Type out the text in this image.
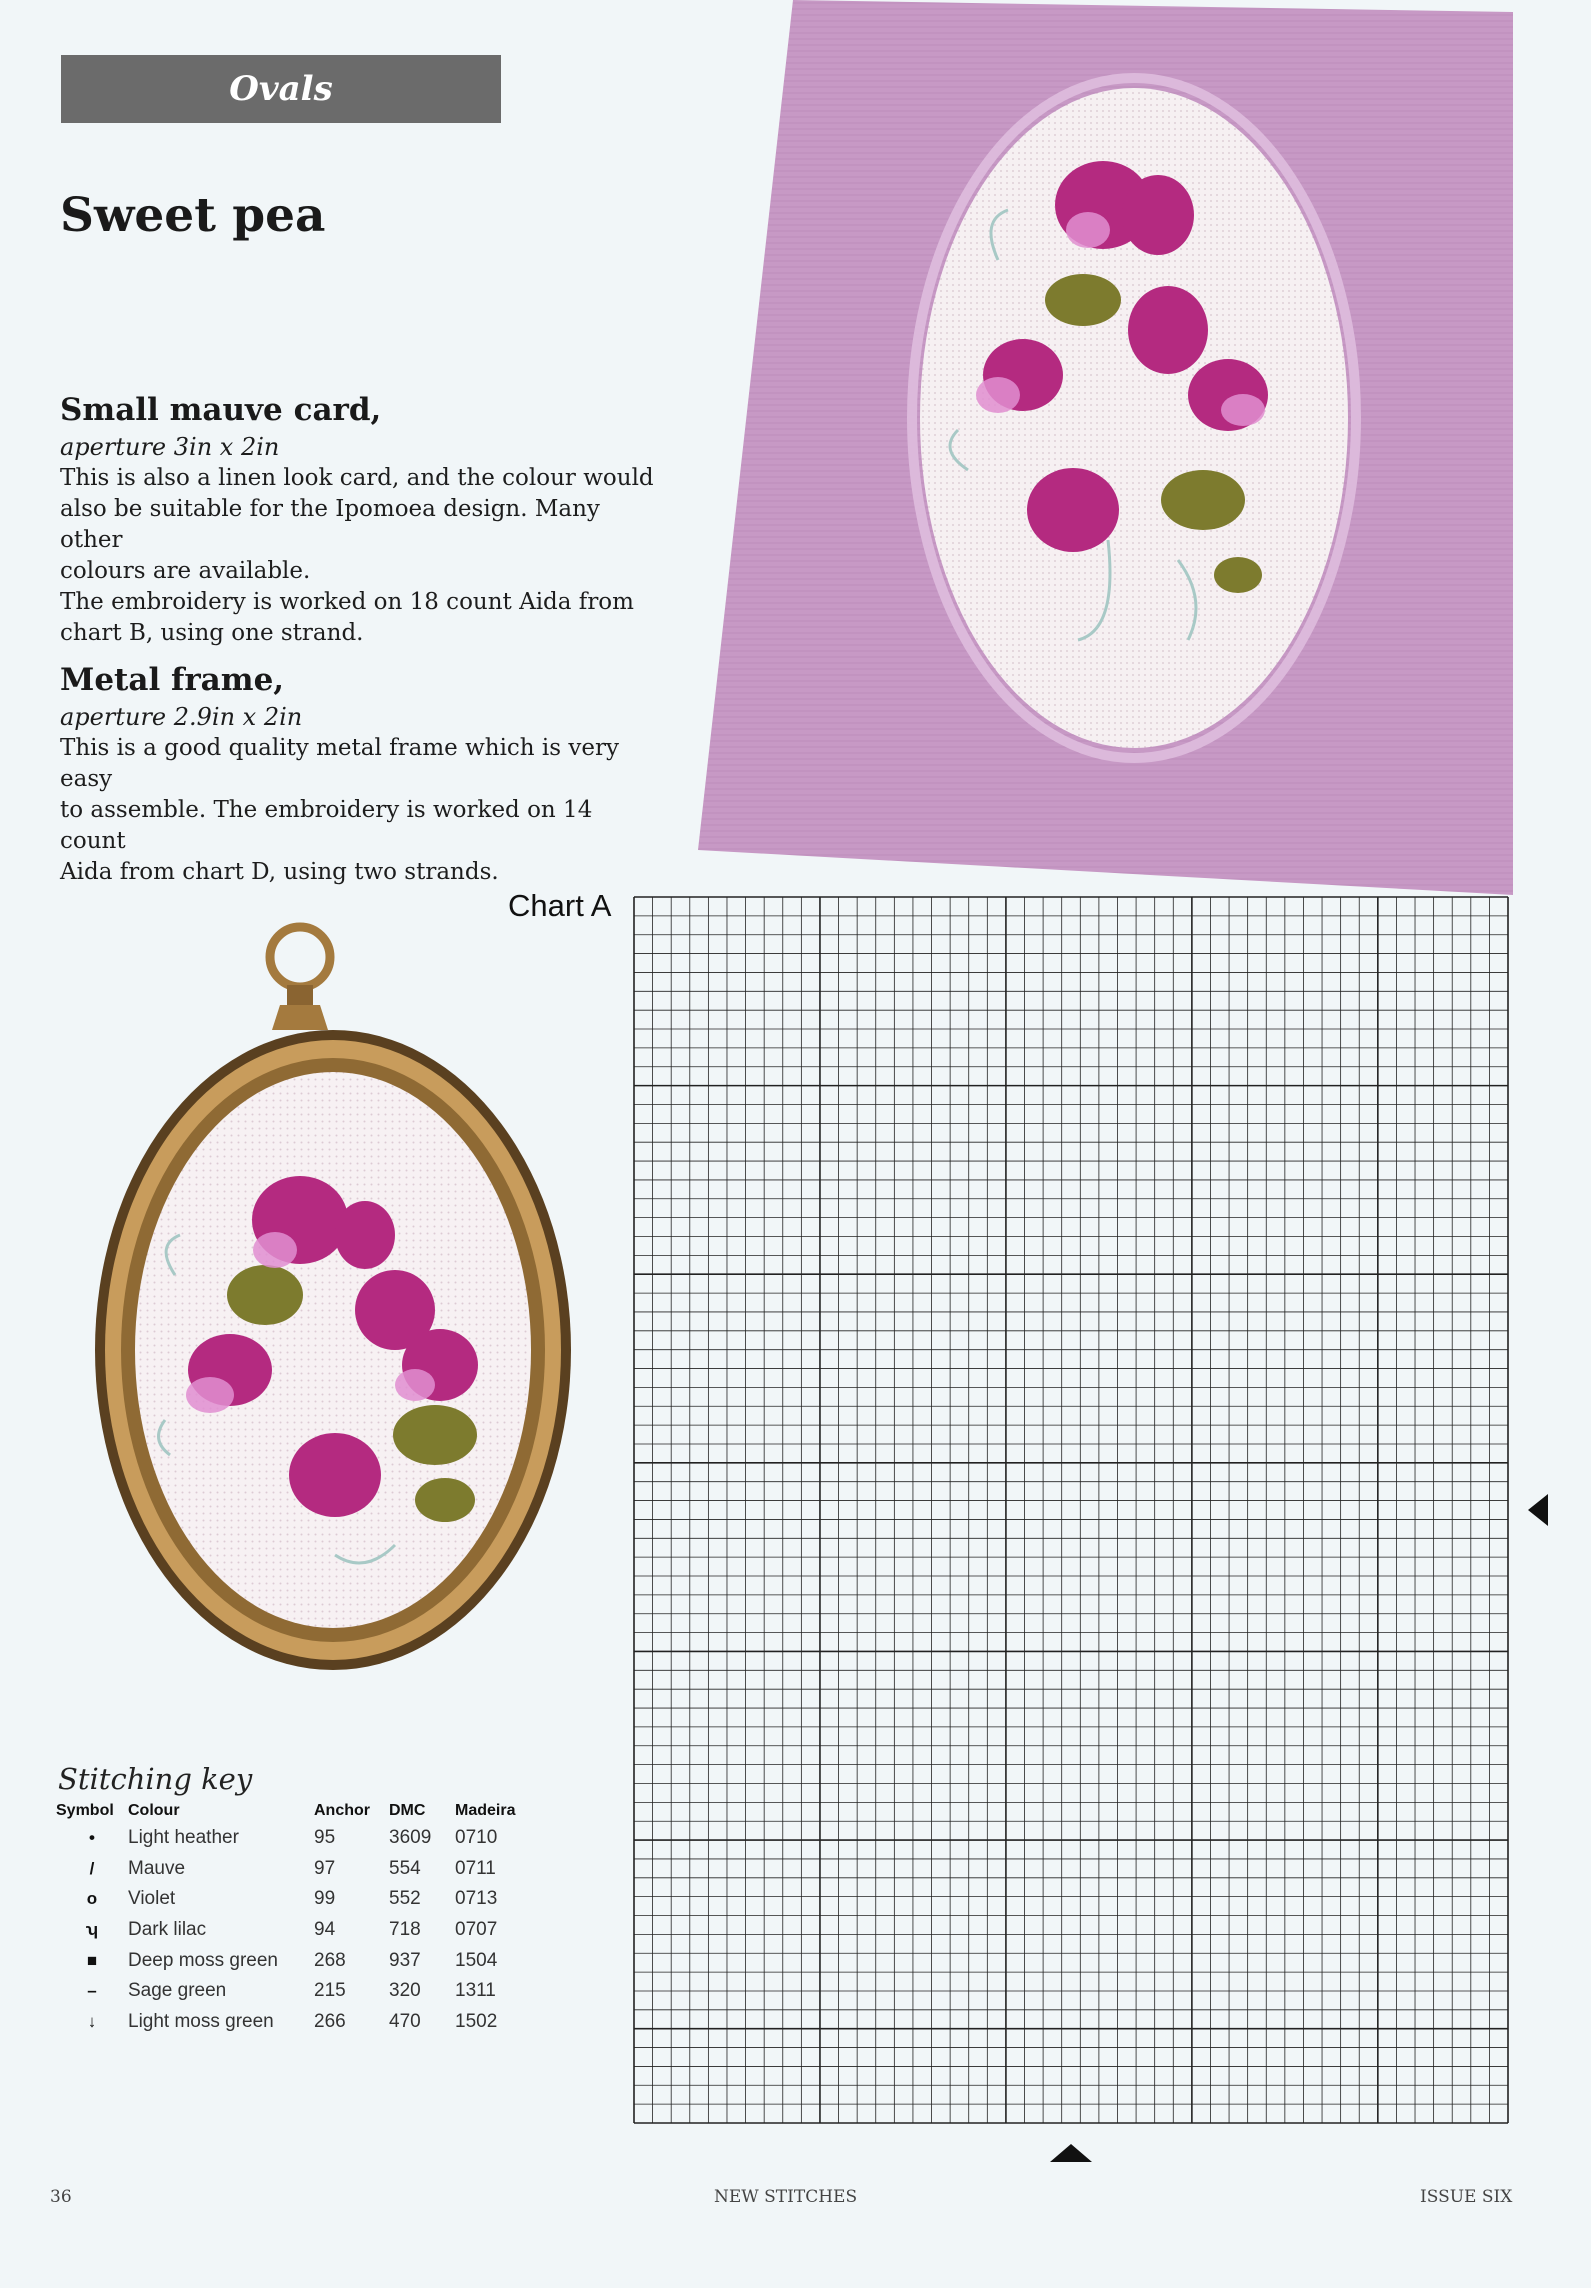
Ovals
Sweet pea
Small mauve card,
aperture 3in x 2in

This is also a linen look card, and the colour would

also be suitable for the Ipomoea design. Many other

colours are available.

The embroidery is worked on 18 count Aida from

chart B, using one strand.

Metal frame,
aperture 2.9in x 2in

This is a good quality metal frame which is very easy

to assemble. The embroidery is worked on 14 count

Aida from chart D, using two strands.

Chart A
Stitching key
Symbol	Colour	Anchor	DMC	Madeira
•	Light heather	95	3609	0710
/	Mauve	97	554	0711
o	Violet	99	552	0713
ʮ	Dark lilac	94	718	0707
■	Deep moss green	268	937	1504
–	Sage green	215	320	1311
↓	Light moss green	266	470	1502
36	NEW STITCHES	ISSUE SIX
